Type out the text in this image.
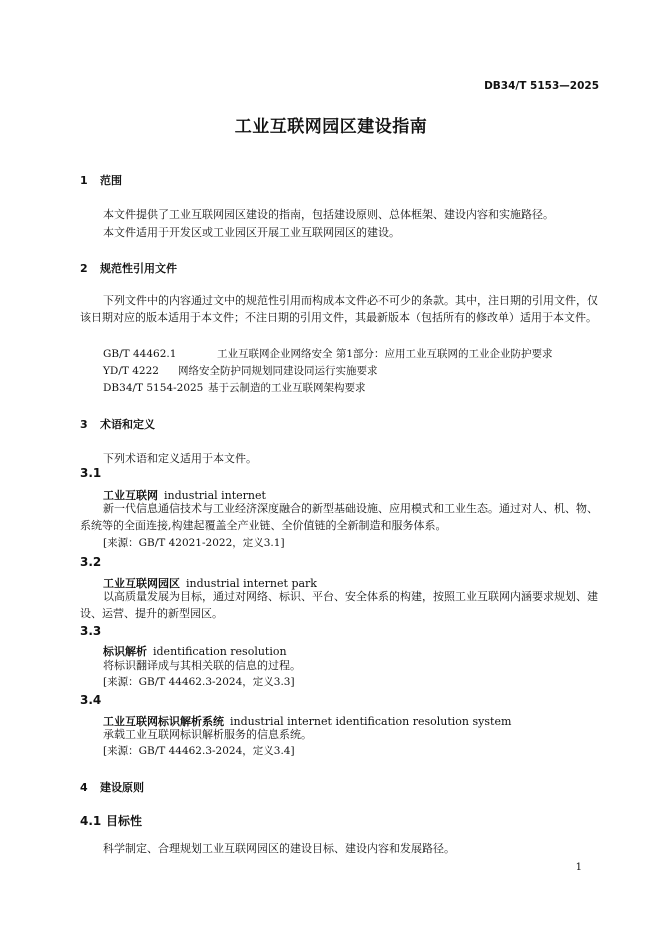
DB34/T 5153—2025
工业互联网园区建设指南
1 范围
本文件提供了工业互联网园区建设的指南，包括建设原则、总体框架、建设内容和实施路径。
本文件适用于开发区或工业园区开展工业互联网园区的建设。
2 规范性引用文件
下列文件中的内容通过文中的规范性引用而构成本文件必不可少的条款。其中，注日期的引用文件，仅该日期对应的版本适用于本文件；不注日期的引用文件，其最新版本（包括所有的修改单）适用于本文件。
GB/T 44462.1	工业互联网企业网络安全 第1部分：应用工业互联网的工业企业防护要求
YD/T 4222 网络安全防护同规划同建设同运行实施要求
DB34/T 5154-2025 基于云制造的工业互联网架构要求
3 术语和定义
下列术语和定义适用于本文件。
3.1
工业互联网 industrial internet
新一代信息通信技术与工业经济深度融合的新型基础设施、应用模式和工业生态。通过对人、机、物、系统等的全面连接,构建起覆盖全产业链、全价值链的全新制造和服务体系。
[来源：GB/T 42021-2022，定义3.1]
3.2
工业互联网园区 industrial internet park
以高质量发展为目标，通过对网络、标识、平台、安全体系的构建，按照工业互联网内涵要求规划、建设、运营、提升的新型园区。
3.3
标识解析 identification resolution
将标识翻译成与其相关联的信息的过程。
[来源：GB/T 44462.3-2024，定义3.3]
3.4
工业互联网标识解析系统 industrial internet identification resolution system
承载工业互联网标识解析服务的信息系统。
[来源：GB/T 44462.3-2024，定义3.4]
4 建设原则
4.1 目标性
科学制定、合理规划工业互联网园区的建设目标、建设内容和发展路径。
1
